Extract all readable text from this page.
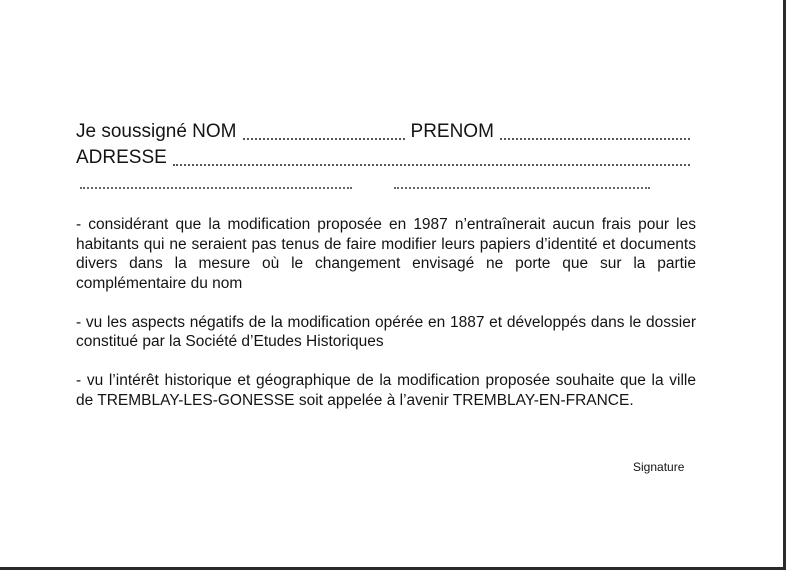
Je soussigné NOM	PRENOM
ADRESSE

- considérant que la modification proposée en 1987 n’entraînerait aucun frais pour les habitants qui ne seraient pas tenus de faire modifier leurs papiers d’identité et documents divers dans la mesure où le changement envisagé ne porte que sur la partie complémentaire du nom

- vu les aspects négatifs de la modification opérée en 1887 et développés dans le dossier constitué par la Société d’Etudes Historiques

- vu l’intérêt historique et géographique de la modification proposée souhaite que la ville de TREMBLAY-LES-GONESSE soit appelée à l’avenir TREMBLAY-EN-FRANCE.

Signature
